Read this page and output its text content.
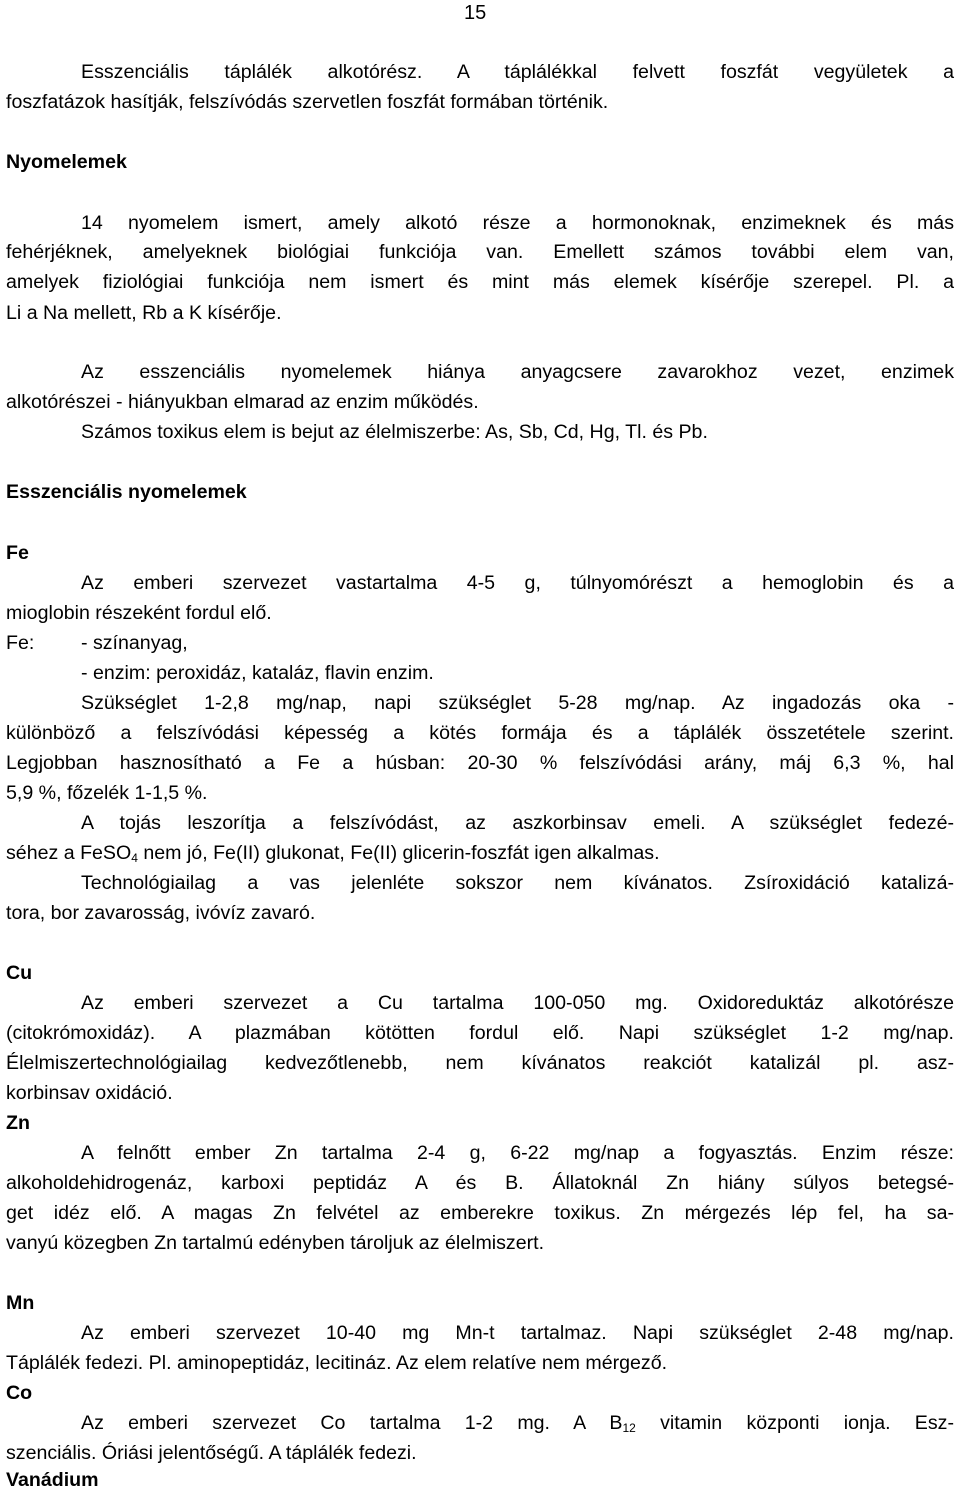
15
Esszenciális táplálék alkotórész. A táplálékkal felvett foszfát vegyületek a
foszfatázok hasítják, felszívódás szervetlen foszfát formában történik.
Nyomelemek
14 nyomelem ismert, amely alkotó része a hormonoknak, enzimeknek és más
fehérjéknek, amelyeknek biológiai funkciója van. Emellett számos további elem van,
amelyek fiziológiai funkciója nem ismert és mint más elemek kísérője szerepel. Pl. a
Li a Na mellett, Rb a K kísérője.
Az esszenciális nyomelemek hiánya anyagcsere zavarokhoz vezet, enzimek
alkotórészei - hiányukban elmarad az enzim működés.
Számos toxikus elem is bejut az élelmiszerbe: As, Sb, Cd, Hg, Tl. és Pb.
Esszenciális nyomelemek
Fe
Az emberi szervezet vastartalma 4-5 g, túlnyomórészt a hemoglobin és a
mioglobin részeként fordul elő.
Fe: - színanyag,
- enzim: peroxidáz, kataláz, flavin enzim.
Szükséglet 1-2,8 mg/nap, napi szükséglet 5-28 mg/nap. Az ingadozás oka -
különböző a felszívódási képesség a kötés formája és a táplálék összetétele szerint.
Legjobban hasznosítható a Fe a húsban: 20-30 % felszívódási arány, máj 6,3 %, hal
5,9 %, főzelék 1-1,5 %.
A tojás leszorítja a felszívódást, az aszkorbinsav emeli. A szükséglet fedezé-
séhez a FeSO$_4$ nem jó, Fe(II) glukonat, Fe(II) glicerin-foszfát igen alkalmas.
Technológiailag a vas jelenléte sokszor nem kívánatos. Zsíroxidáció katalizá-
tora, bor zavarosság, ivóvíz zavaró.
Cu
Az emberi szervezet a Cu tartalma 100-050 mg. Oxidoreduktáz alkotórésze
(citokrómoxidáz). A plazmában kötötten fordul elő. Napi szükséglet 1-2 mg/nap.
Élelmiszertechnológiailag kedvezőtlenebb, nem kívánatos reakciót katalizál pl. asz-
korbinsav oxidáció.
Zn
A felnőtt ember Zn tartalma 2-4 g, 6-22 mg/nap a fogyasztás. Enzim része:
alkoholdehidrogenáz, karboxi peptidáz A és B. Állatoknál Zn hiány súlyos betegsé-
get idéz elő. A magas Zn felvétel az emberekre toxikus. Zn mérgezés lép fel, ha sa-
vanyú közegben Zn tartalmú edényben tároljuk az élelmiszert.
Mn
Az emberi szervezet 10-40 mg Mn-t tartalmaz. Napi szükséglet 2-48 mg/nap.
Táplálék fedezi. Pl. aminopeptidáz, lecitináz. Az elem relatíve nem mérgező.
Co
Az emberi szervezet Co tartalma 1-2 mg. A $B_{12}$ vitamin központi ionja. Esz-
szenciális. Óriási jelentőségű. A táplálék fedezi.
Vanádium
